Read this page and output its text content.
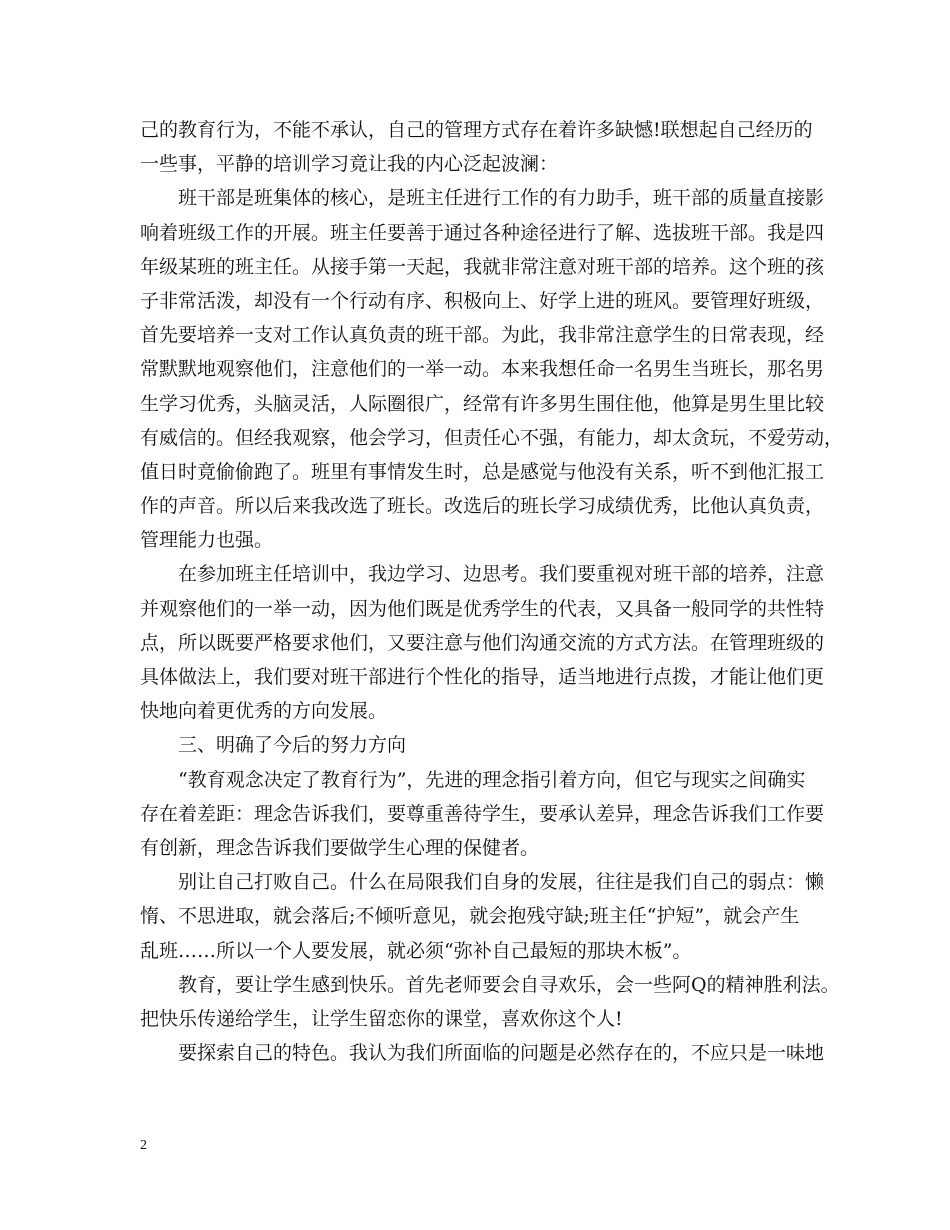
己的教育行为，不能不承认，自己的管理方式存在着许多缺憾!联想起自己经历的
一些事，平静的培训学习竟让我的内心泛起波澜：
班干部是班集体的核心，是班主任进行工作的有力助手，班干部的质量直接影
响着班级工作的开展。班主任要善于通过各种途径进行了解、选拔班干部。我是四
年级某班的班主任。从接手第一天起，我就非常注意对班干部的培养。这个班的孩
子非常活泼，却没有一个行动有序、积极向上、好学上进的班风。要管理好班级，
首先要培养一支对工作认真负责的班干部。为此，我非常注意学生的日常表现，经
常默默地观察他们，注意他们的一举一动。本来我想任命一名男生当班长，那名男
生学习优秀，头脑灵活，人际圈很广，经常有许多男生围住他，他算是男生里比较
有威信的。但经我观察，他会学习，但责任心不强，有能力，却太贪玩，不爱劳动，
值日时竟偷偷跑了。班里有事情发生时，总是感觉与他没有关系，听不到他汇报工
作的声音。所以后来我改选了班长。改选后的班长学习成绩优秀，比他认真负责，
管理能力也强。
在参加班主任培训中，我边学习、边思考。我们要重视对班干部的培养，注意
并观察他们的一举一动，因为他们既是优秀学生的代表，又具备一般同学的共性特
点，所以既要严格要求他们，又要注意与他们沟通交流的方式方法。在管理班级的
具体做法上，我们要对班干部进行个性化的指导，适当地进行点拨，才能让他们更
快地向着更优秀的方向发展。
三、明确了今后的努力方向
“教育观念决定了教育行为”，先进的理念指引着方向，但它与现实之间确实
存在着差距：理念告诉我们，要尊重善待学生，要承认差异，理念告诉我们工作要
有创新，理念告诉我们要做学生心理的保健者。
别让自己打败自己。什么在局限我们自身的发展，往往是我们自己的弱点：懒
惰、不思进取，就会落后;不倾听意见，就会抱残守缺;班主任“护短”，就会产生
乱班……所以一个人要发展，就必须“弥补自己最短的那块木板”。
教育，要让学生感到快乐。首先老师要会自寻欢乐，会一些阿Q的精神胜利法。
把快乐传递给学生，让学生留恋你的课堂，喜欢你这个人!
要探索自己的特色。我认为我们所面临的问题是必然存在的，不应只是一味地
2
